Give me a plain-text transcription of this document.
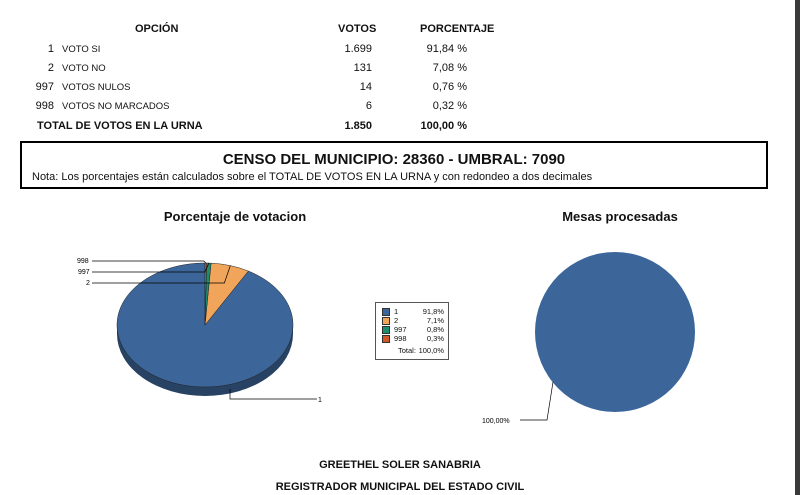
OPCIÓN	VOTOS	PORCENTAJE
1 VOTO SI	1.699	91,84 %
2 VOTO NO	131	7,08 %
997 VOTOS NULOS	14	0,76 %
998 VOTOS NO MARCADOS	6	0,32 %
TOTAL DE VOTOS EN LA URNA	1.850	100,00 %
CENSO DEL MUNICIPIO: 28360 - UMBRAL: 7090
Nota: Los porcentajes están calculados sobre el TOTAL DE VOTOS EN LA URNA y con redondeo a dos decimales
Porcentaje de votacion	Mesas procesadas
1
2
997
998
100,00%
1	91,8%
2	7,1%
997	0,8%
998	0,3%
Total: 100,0%
GREETHEL SOLER SANABRIA
REGISTRADOR MUNICIPAL DEL ESTADO CIVIL
